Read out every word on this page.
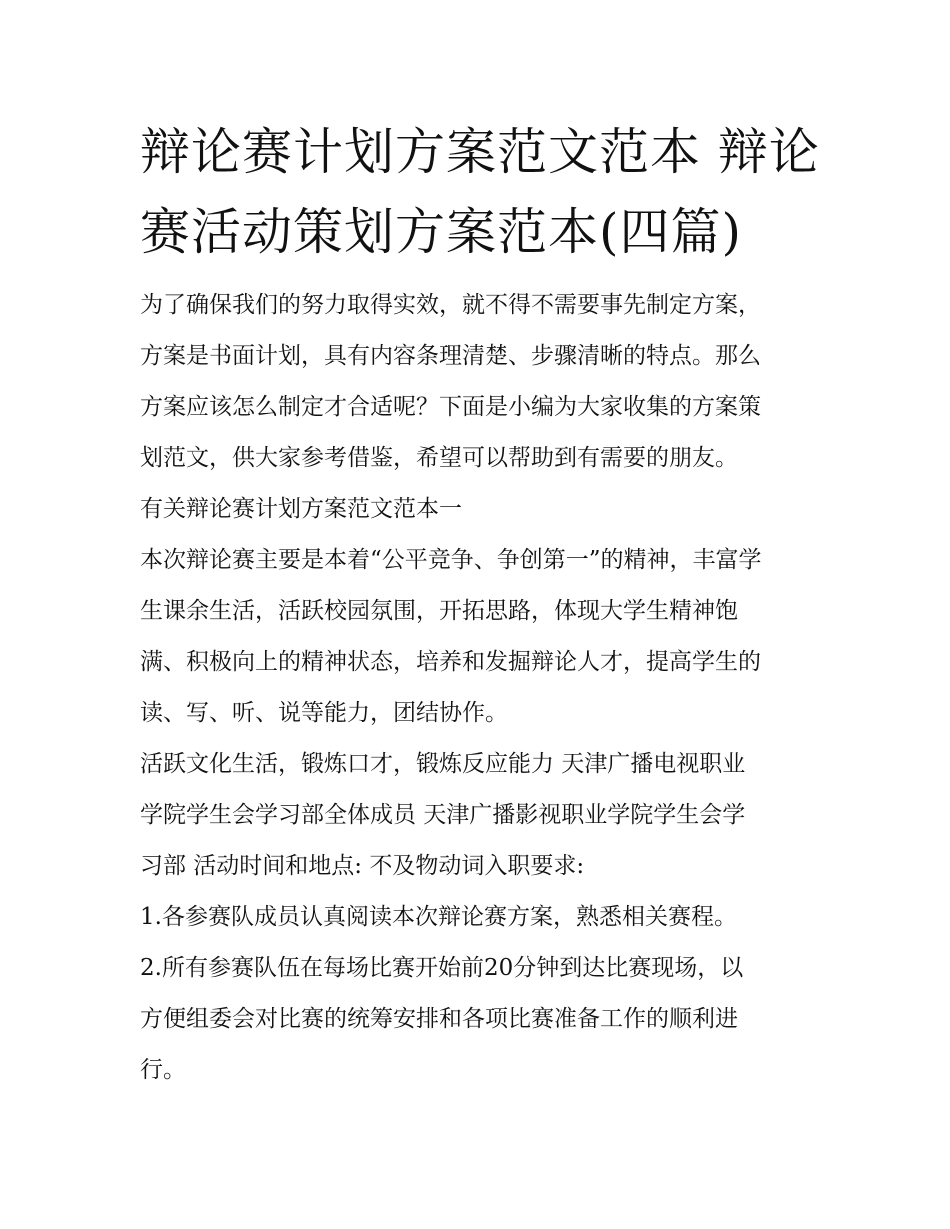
辩论赛计划方案范文范本 辩论
赛活动策划方案范本(四篇)

为了确保我们的努力取得实效，就不得不需要事先制定方案，
方案是书面计划，具有内容条理清楚、步骤清晰的特点。那么
方案应该怎么制定才合适呢？下面是小编为大家收集的方案策
划范文，供大家参考借鉴，希望可以帮助到有需要的朋友。

有关辩论赛计划方案范文范本一

本次辩论赛主要是本着“公平竞争、争创第一”的精神，丰富学
生课余生活，活跃校园氛围，开拓思路，体现大学生精神饱
满、积极向上的精神状态，培养和发掘辩论人才，提高学生的
读、写、听、说等能力，团结协作。

活跃文化生活，锻炼口才，锻炼反应能力 天津广播电视职业
学院学生会学习部全体成员 天津广播影视职业学院学生会学
习部 活动时间和地点: 不及物动词入职要求:

1.各参赛队成员认真阅读本次辩论赛方案，熟悉相关赛程。

2.所有参赛队伍在每场比赛开始前20分钟到达比赛现场，以
方便组委会对比赛的统筹安排和各项比赛准备工作的顺利进
行。
